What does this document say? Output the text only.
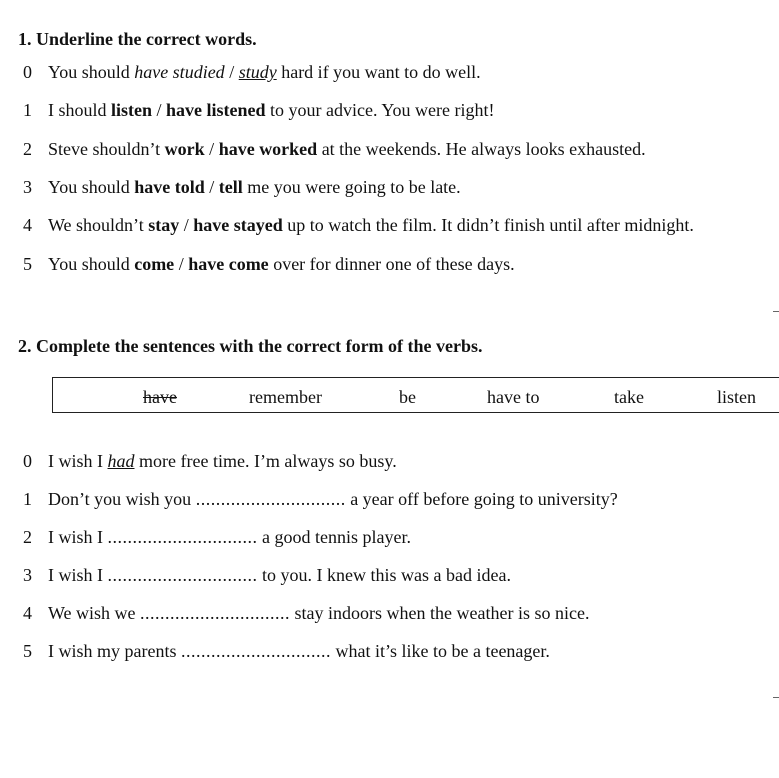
1. Underline the correct words.
0 You should have studied / study hard if you want to do well.
1 I should listen / have listened to your advice. You were right!
2 Steve shouldn’t work / have worked at the weekends. He always looks exhausted.
3 You should have told / tell me you were going to be late.
4 We shouldn’t stay / have stayed up to watch the film. It didn’t finish until after midnight.
5 You should come / have come over for dinner one of these days.
2. Complete the sentences with the correct form of the verbs.
have	remember	be	have to	take	listen
0 I wish I had more free time. I’m always so busy.
1 Don’t you wish you .............................. a year off before going to university?
2 I wish I .............................. a good tennis player.
3 I wish I .............................. to you. I knew this was a bad idea.
4 We wish we .............................. stay indoors when the weather is so nice.
5 I wish my parents .............................. what it’s like to be a teenager.
